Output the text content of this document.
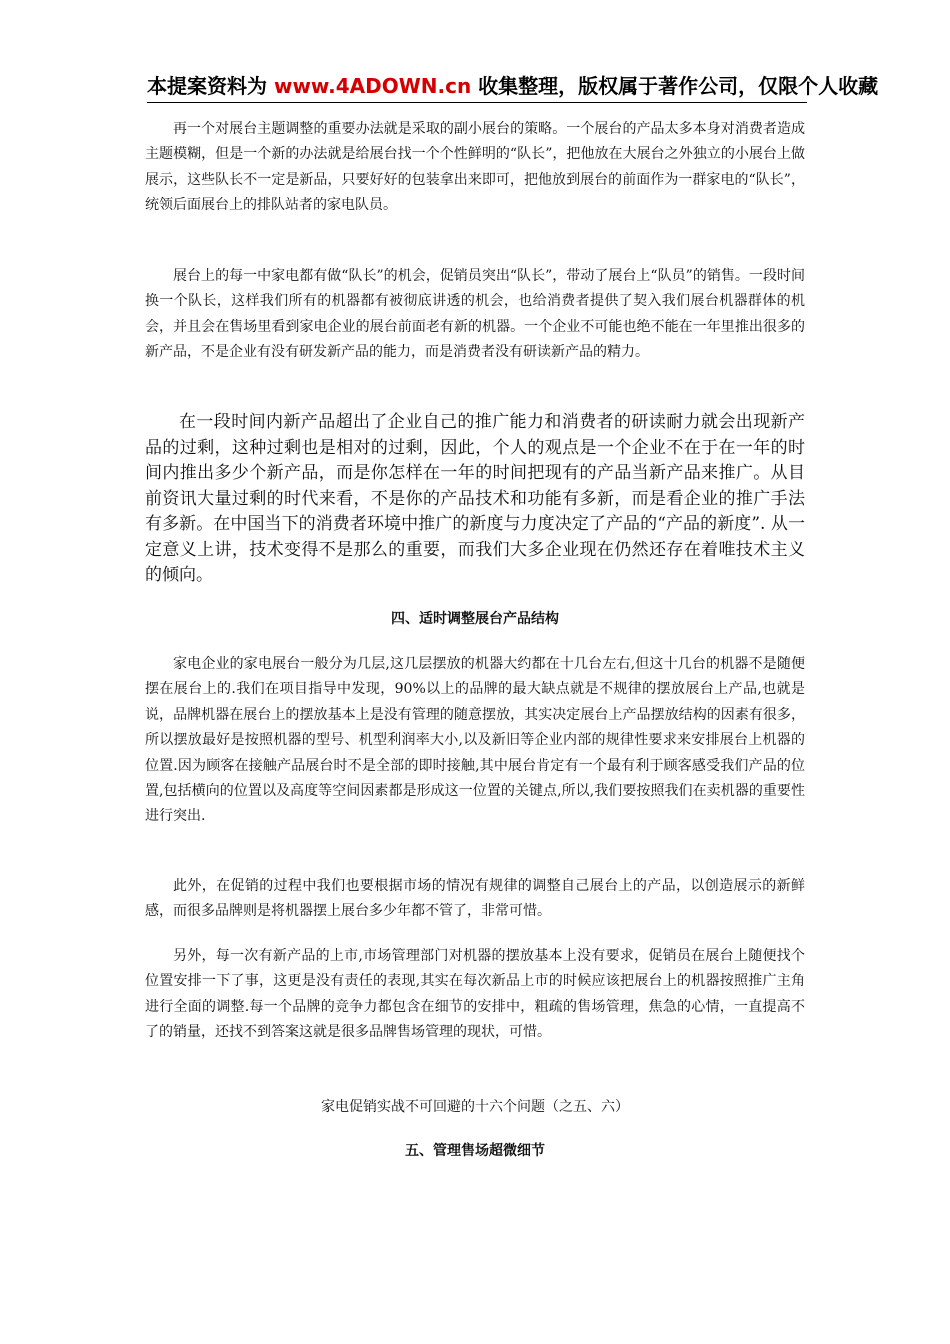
本提案资料为 www.4ADOWN.cn 收集整理，版权属于著作公司，仅限个人收藏

再一个对展台主题调整的重要办法就是采取的副小展台的策略。一个展台的产品太多本身对消费者造成主题模糊，但是一个新的办法就是给展台找一个个性鲜明的“队长”，把他放在大展台之外独立的小展台上做展示，这些队长不一定是新品，只要好好的包装拿出来即可，把他放到展台的前面作为一群家电的“队长”，统领后面展台上的排队站者的家电队员。

展台上的每一中家电都有做“队长”的机会，促销员突出“队长”，带动了展台上“队员”的销售。一段时间换一个队长，这样我们所有的机器都有被彻底讲透的机会，也给消费者提供了契入我们展台机器群体的机会，并且会在售场里看到家电企业的展台前面老有新的机器。一个企业不可能也绝不能在一年里推出很多的新产品，不是企业有没有研发新产品的能力，而是消费者没有研读新产品的精力。

在一段时间内新产品超出了企业自己的推广能力和消费者的研读耐力就会出现新产品的过剩，这种过剩也是相对的过剩，因此，个人的观点是一个企业不在于在一年的时间内推出多少个新产品，而是你怎样在一年的时间把现有的产品当新产品来推广。从目前资讯大量过剩的时代来看，不是你的产品技术和功能有多新，而是看企业的推广手法有多新。在中国当下的消费者环境中推广的新度与力度决定了产品的“产品的新度”. 从一定意义上讲，技术变得不是那么的重要，而我们大多企业现在仍然还存在着唯技术主义的倾向。

四、适时调整展台产品结构

家电企业的家电展台一般分为几层,这几层摆放的机器大约都在十几台左右,但这十几台的机器不是随便摆在展台上的.我们在项目指导中发现，90%以上的品牌的最大缺点就是不规律的摆放展台上产品,也就是说，品牌机器在展台上的摆放基本上是没有管理的随意摆放，其实决定展台上产品摆放结构的因素有很多，所以摆放最好是按照机器的型号、机型利润率大小,以及新旧等企业内部的规律性要求来安排展台上机器的位置.因为顾客在接触产品展台时不是全部的即时接触,其中展台肯定有一个最有利于顾客感受我们产品的位置,包括横向的位置以及高度等空间因素都是形成这一位置的关键点,所以,我们要按照我们在卖机器的重要性进行突出.

此外，在促销的过程中我们也要根据市场的情况有规律的调整自己展台上的产品，以创造展示的新鲜感，而很多品牌则是将机器摆上展台多少年都不管了，非常可惜。

另外，每一次有新产品的上市,市场管理部门对机器的摆放基本上没有要求，促销员在展台上随便找个位置安排一下了事，这更是没有责任的表现,其实在每次新品上市的时候应该把展台上的机器按照推广主角进行全面的调整.每一个品牌的竞争力都包含在细节的安排中，粗疏的售场管理，焦急的心情，一直提高不了的销量，还找不到答案这就是很多品牌售场管理的现状，可惜。

家电促销实战不可回避的十六个问题（之五、六）

五、管理售场超微细节
